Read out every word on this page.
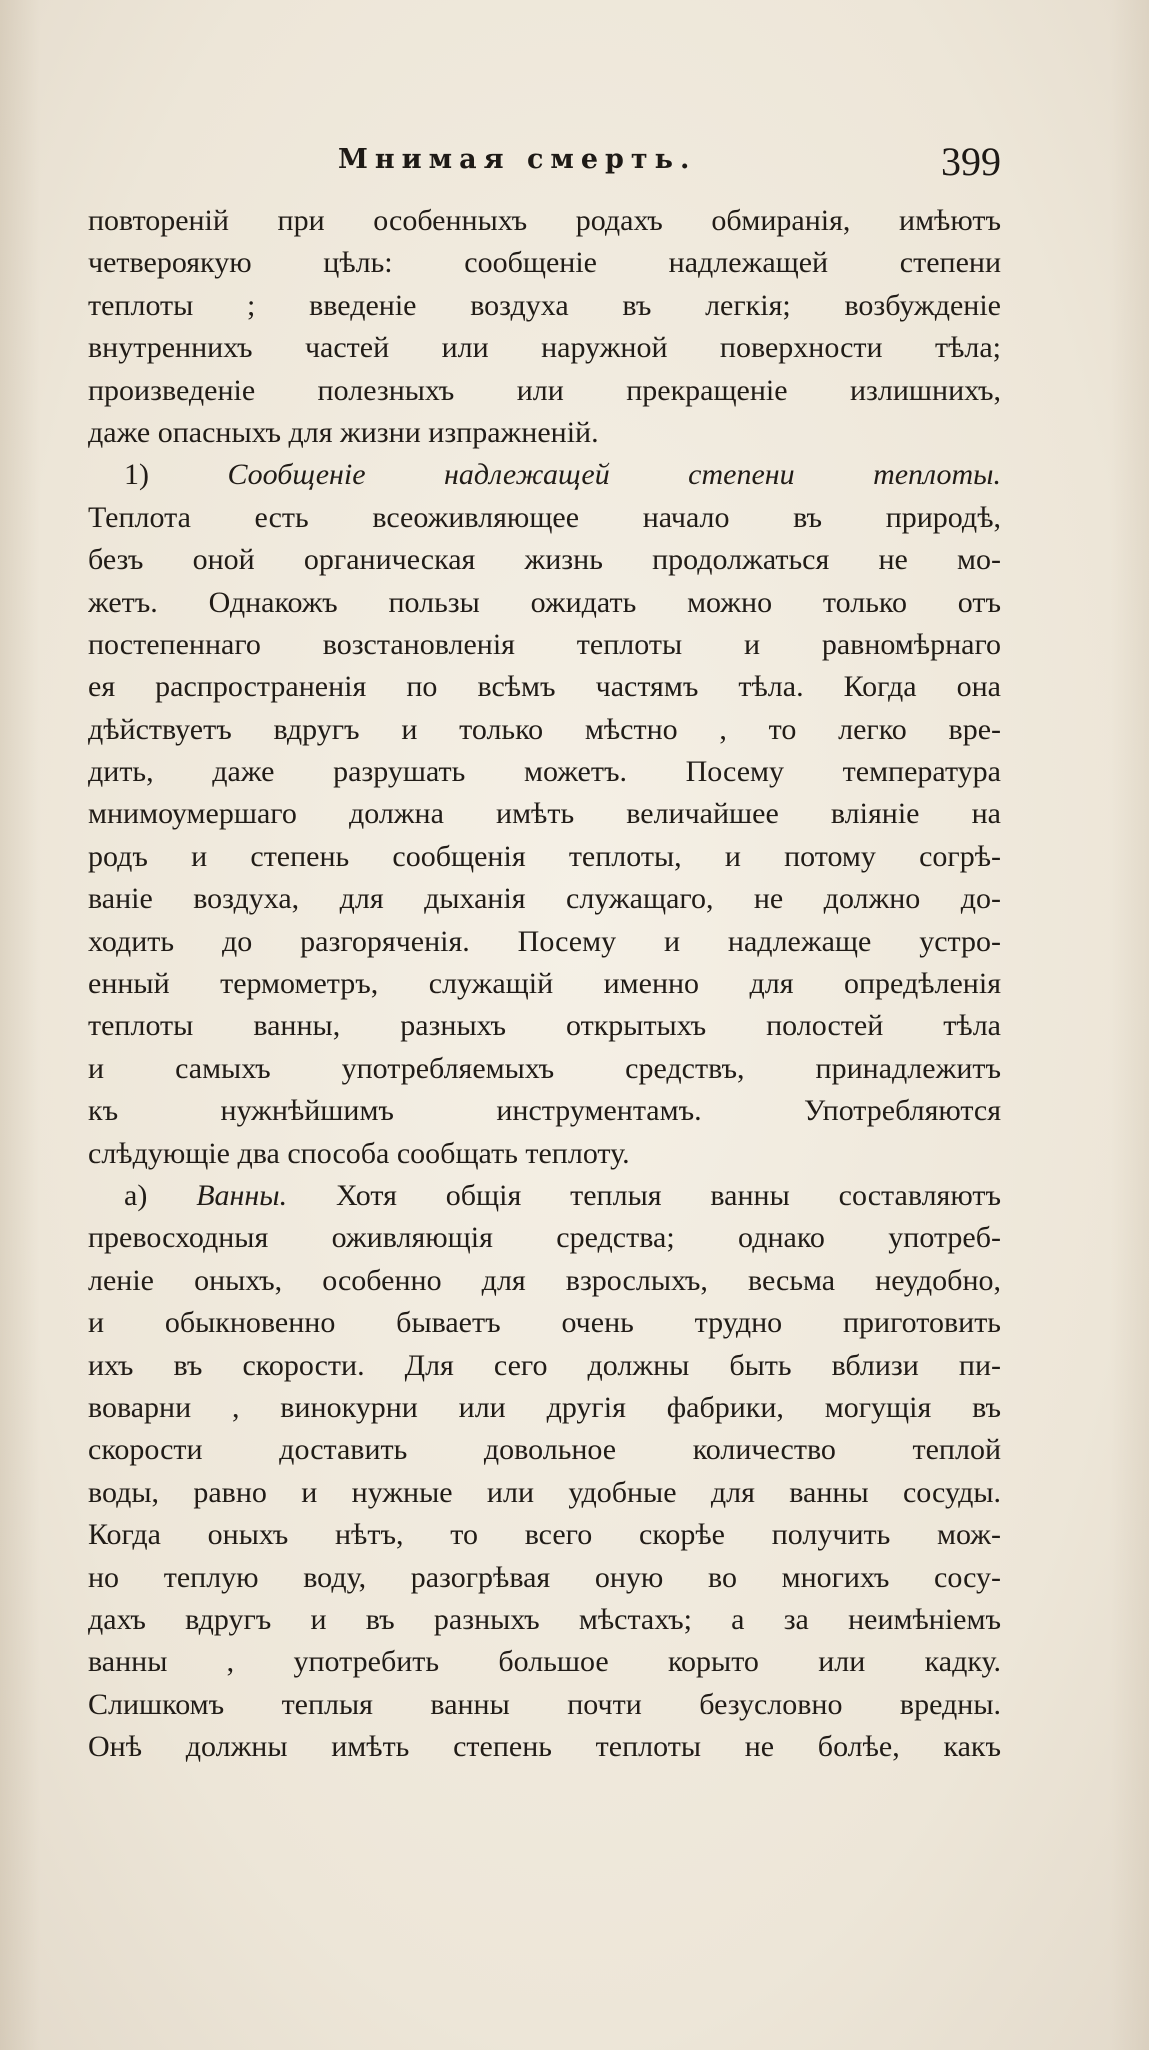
Мнимая смерть.	399
повтореній при особенныхъ родахъ обмиранія, имѣютъ
четвероякую цѣль: сообщеніе надлежащей степени
теплоты ; введеніе воздуха въ легкія; возбужденіе
внутреннихъ частей или наружной поверхности тѣла;
произведеніе полезныхъ или прекращеніе излишнихъ,
даже опасныхъ для жизни изпражненій.
1) Сообщеніе надлежащей степени теплоты.
Теплота есть всеоживляющее начало въ природѣ,
безъ оной органическая жизнь продолжаться не мо-
жетъ. Однакожъ пользы ожидать можно только отъ
постепеннаго возстановленія теплоты и равномѣрнаго
ея распространенія по всѣмъ частямъ тѣла. Когда она
дѣйствуетъ вдругъ и только мѣстно , то легко вре-
дить, даже разрушать можетъ. Посему температура
мнимоумершаго должна имѣть величайшее вліяніе на
родъ и степень сообщенія теплоты, и потому согрѣ-
ваніе воздуха, для дыханія служащаго, не должно до-
ходить до разгоряченія. Посему и надлежаще устро-
енный термометръ, служащій именно для опредѣленія
теплоты ванны, разныхъ открытыхъ полостей тѣла
и самыхъ употребляемыхъ средствъ, принадлежитъ
къ нужнѣйшимъ инструментамъ. Употребляются
слѣдующіе два способа сообщать теплоту.
а) Ванны. Хотя общія теплыя ванны составляютъ
превосходныя оживляющія средства; однако употреб-
леніе оныхъ, особенно для взрослыхъ, весьма неудобно,
и обыкновенно бываетъ очень трудно приготовить
ихъ въ скорости. Для сего должны быть вблизи пи-
воварни , винокурни или другія фабрики, могущія въ
скорости доставить довольное количество теплой
воды, равно и нужные или удобные для ванны сосуды.
Когда оныхъ нѣтъ, то всего скорѣе получить мож-
но теплую воду, разогрѣвая оную во многихъ сосу-
дахъ вдругъ и въ разныхъ мѣстахъ; а за неимѣніемъ
ванны , употребить большое корыто или кадку.
Слишкомъ теплыя ванны почти безусловно вредны.
Онѣ должны имѣть степень теплоты не болѣе, какъ
